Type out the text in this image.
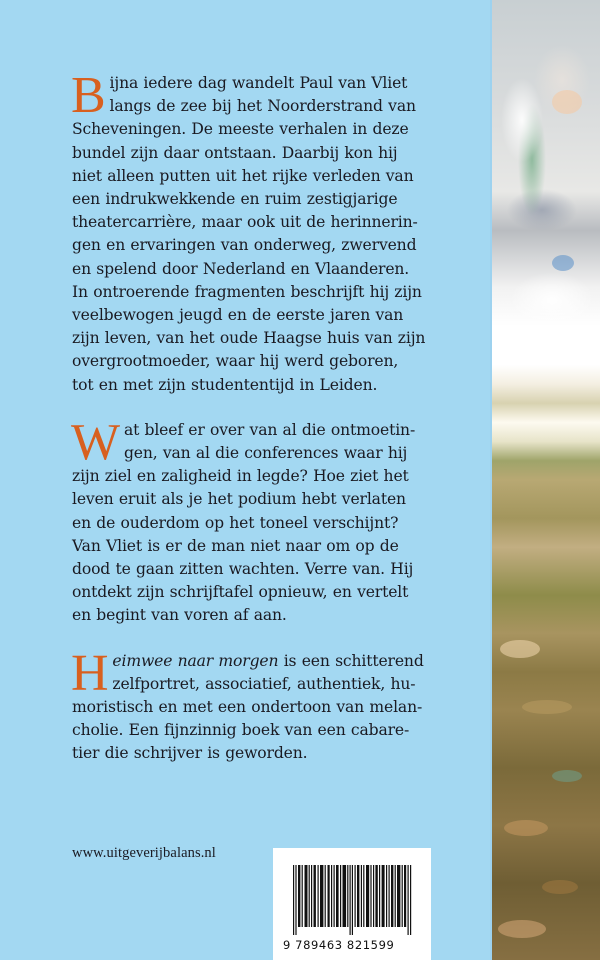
B ijna iedere dag wandelt Paul van Vliet
langs de zee bij het Noorderstrand van
Scheveningen. De meeste verhalen in deze
bundel zijn daar ontstaan. Daarbij kon hij
niet alleen putten uit het rijke verleden van
een indrukwekkende en ruim zestigjarige
theatercarrière, maar ook uit de herinnerin-
gen en ervaringen van onderweg, zwervend
en spelend door Nederland en Vlaanderen.
In ontroerende fragmenten beschrijft hij zijn
veelbewogen jeugd en de eerste jaren van
zijn leven, van het oude Haagse huis van zijn
overgrootmoeder, waar hij werd geboren,
tot en met zijn studententijd in Leiden.

W at bleef er over van al die ontmoetin-
gen, van al die conferences waar hij
zijn ziel en zaligheid in legde? Hoe ziet het
leven eruit als je het podium hebt verlaten
en de ouderdom op het toneel verschijnt?
Van Vliet is er de man niet naar om op de
dood te gaan zitten wachten. Verre van. Hij
ontdekt zijn schrijftafel opnieuw, en vertelt
en begint van voren af aan.

H eimwee naar morgen is een schitterend
zelfportret, associatief, authentiek, hu-
moristisch en met een ondertoon van melan-
cholie. Een fijnzinnig boek van een cabare-
tier die schrijver is geworden.

www.uitgeverijbalans.nl
9 789463 821599
